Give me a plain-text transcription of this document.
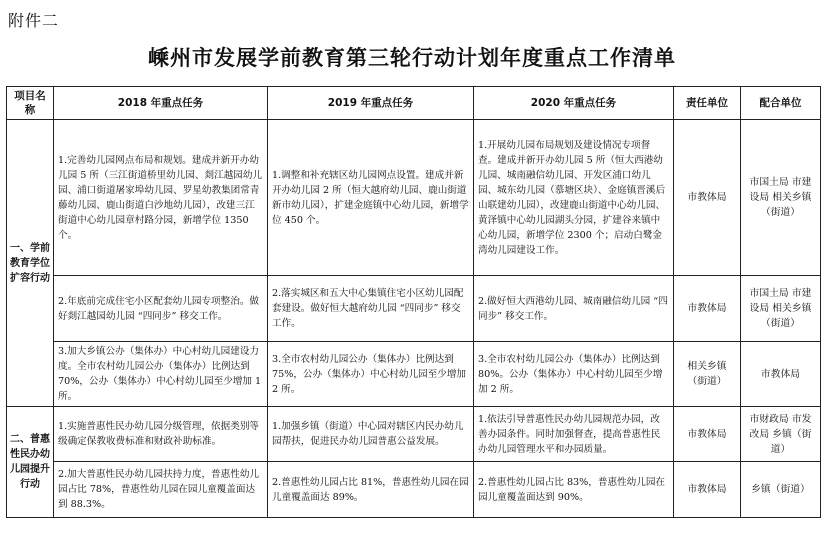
附件二
嵊州市发展学前教育第三轮行动计划年度重点工作清单
项目名称	2018 年重点任务	2019 年重点任务	2020 年重点任务	责任单位	配合单位
一、学前教育学位扩容行动	1.完善幼儿园网点布局和规划。建成并新开办幼儿园 5 所（三江街道桥里幼儿园、剡江越园幼儿园、浦口街道屠家埠幼儿园、罗星幼教集团常青藤幼儿园、鹿山街道白沙地幼儿园），改建三江街道中心幼儿园章村路分园，新增学位 1350 个。	1.调整和补充辖区幼儿园网点设置。建成并新开办幼儿园 2 所（恒大越府幼儿园、鹿山街道新市幼儿园），扩建金庭镇中心幼儿园，新增学位 450 个。	1.开展幼儿园布局规划及建设情况专项督查。建成并新开办幼儿园 5 所（恒大西港幼儿园、城南融信幼儿园、开发区浦口幼儿园、城东幼儿园（慕塘区块）、金庭镇晋溪后山联建幼儿园），改建鹿山街道中心幼儿园、黄泽镇中心幼儿园湖头分园，扩建谷来镇中心幼儿园，新增学位 2300 个；启动白鹭金湾幼儿园建设工作。	市教体局	市国土局 市建设局 相关乡镇（街道）
	2.年底前完成住宅小区配套幼儿园专项整治。做好剡江越园幼儿园 “四同步” 移交工作。	2.落实城区和五大中心集镇住宅小区幼儿园配套建设。做好恒大越府幼儿园 “四同步” 移交工作。	2.做好恒大西港幼儿园、城南融信幼儿园 “四同步” 移交工作。	市教体局	市国土局 市建设局 相关乡镇（街道）
	3.加大乡镇公办（集体办）中心村幼儿园建设力度。全市农村幼儿园公办（集体办）比例达到 70%，公办（集体办）中心村幼儿园至少增加 1 所。	3.全市农村幼儿园公办（集体办）比例达到 75%，公办（集体办）中心村幼儿园至少增加 2 所。	3.全市农村幼儿园公办（集体办）比例达到 80%。公办（集体办）中心村幼儿园至少增加 2 所。	相关乡镇（街道）	市教体局
二、普惠性民办幼儿园提升行动	1.实施普惠性民办幼儿园分级管理，依据类别等级确定保教收费标准和财政补助标准。	1.加强乡镇（街道）中心园对辖区内民办幼儿园帮扶，促进民办幼儿园普惠公益发展。	1.依法引导普惠性民办幼儿园规范办园，改善办园条件。同时加强督查，提高普惠性民办幼儿园管理水平和办园质量。	市教体局	市财政局 市发改局 乡镇（街道）
	2.加大普惠性民办幼儿园扶持力度，普惠性幼儿园占比 78%，普惠性幼儿园在园儿童覆盖面达到 88.3%。	2.普惠性幼儿园占比 81%，普惠性幼儿园在园儿童覆盖面达 89%。	2.普惠性幼儿园占比 83%，普惠性幼儿园在园儿童覆盖面达到 90%。	市教体局	乡镇（街道）
